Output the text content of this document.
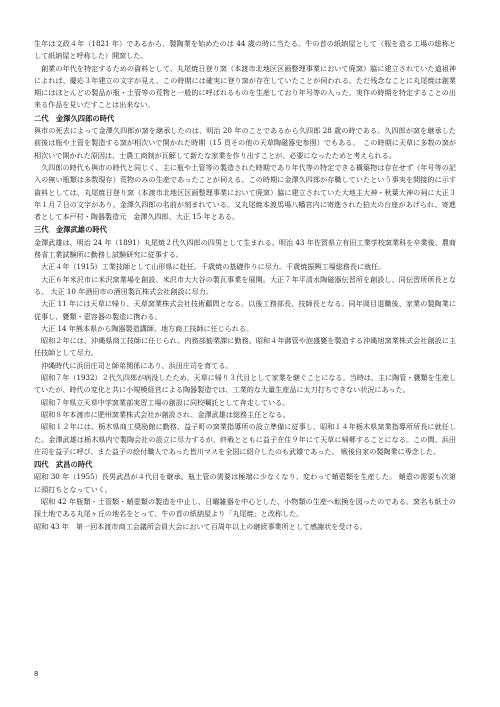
生年は文政４年（1821 年）であるから、製陶業を始めたのは 44 歳の時に当たる。牛の首の紙納屋として（瓶を造る工場の総称として紙納屋と呼称した）開窯した。

創業の年代を特定するための資料として、丸尾焼日登り窯（本渡市北地区区画整理事業において廃窯）脇に建立されていた道祖神によれば、慶応３年建立の文字が見え、この時期には確実に登り窯が存在していたことが伺われる。ただ残念なことに丸尾焼は創業期にはほとんどの製品が瓶・土管等の荒物と一般的に呼ばれるものを生産しており年号等の入った、実作の時期を特定することの出来る作品を見いだすことは出来ない。

二代　金澤久四郎の時代

與市の死去によって金澤久四郎が窯を継承したのは、明治 20 年のことであるから久四郎 28 歳の時である。久四郎が窯を継承した前後は瓶や土管を製造する窯が相次いで開かれた時期（15 頁その他の天草陶磁器史参照）でもある。　この時期に天草に多数の窯が相次いで開かれた原因は、士農工商制が瓦解して新たな家業を作り出すことが、必要になったためと考えられる。

久四郎の時代も與市の時代と同じく、主に瓶や土管等の製造された時期であり年代等の特定できる構築物は存在せず（年号等の記入の無い瓶類は多数現存）荒物のみの生産であったことが伺える。この時期に金澤久四郎が存職していたという事実を間接的に示す資料としては、丸尾焼日登り窯（本渡市北地区区画整理事業において廃窯）脇に建立されていた大地主大神・秋葉大神の祠に大正３年１月７日の文字があり、金澤久四郎の名前が刻まれている。又丸尾焼本渡馬場八幡宮内に寄進された狛犬の台座があげられ、寄進者として本戸村・陶器製造元　金澤久四郎、大正 15 年とある。

三代　金澤武雄の時代

金澤武雄は、明治 24 年（1891）丸尾焼２代久四郎の四男として生まれる。明治 43 年佐賀県立有田工業学校窯業科を卒業後、農商務省工業試験所に勤務し試験研究に従事する。

大正４年（1915）工業技師として山形県に赴任。千歳焼の基礎作りに尽力。千歳焼振興工場総務長に就任。

大正６年米沢市に米沢窯業場を創設、米沢市大大谷の製瓦事業を展開。大正７年平清水陶磁器伝習所を創設し、同伝習所所長となる。 大正 10 年酒田市の酒田製瓦株式会社創設に尽力。

大正 11 年には天草に帰り、天草窯業株式会社技術顧問となる。以後工務部長、技師長となる。同年岡目退職後、家業の製陶業に従事し、甕類・壺容器の製造に携わる。

大正 14 年熊本県から陶器製造講師、地方商工技師に任じられる。

昭和２年には、沖縄県商工技師に任じられ、内務部勧業課に勤務。昭和４年御管や泡盛甕を製造する沖縄旭窯業株式会社創設に主任技師として尽力。

沖縄時代に浜田庄司と師弟関係にあり、浜田庄司を育てる。

昭和７年（1932）２代久四郎が病没したため、天草に帰り３代目として家業を継ぐことになる。当時は、主に陶管・甕類を生産していたが、時代の変化と共に小規模経営による陶器製造では、工業的な大量生産品に太刀打ちできない状況にあった。

昭和７年県立天草中学窯業部実習工場の創設に同校嘱託として奔走している。

昭和８年本渡市に肥州窯業株式会社が創設され、金澤武雄は総務主任となる。

昭和１２年には、栃木県商工奨励館に勤務、益子町の窯業指導所の設立準備に従事し、昭和１４年栃木県窯業指導所所長に就任した。金澤武雄は栃木県内で製陶会社の設立に尽力するが、終戦とともに益子在住９年にて天草に帰郷することになる。この間、浜田庄司を益子に呼び、また益子の絵付職人であった皆川マスを全国に紹介したのも武雄であった。 戦後自家の製陶業に専念した。

四代　武昌の時代

昭和 30 年（1955）長男武昌が４代目を継承。瓶土管の需要は極端に少なくなり、変わって蛸壺類を生産した。 蛸壺の需要も次第に頭打ちとなっていく。

昭和 42 年瓶類・土管類・蛸壺類の製造を中止し、日曜雑器を中心とした、小物類の生産へ転換を図ったのである。窯名も紙土の採土地である丸尾ヶ丘の地名をとって、牛の首の紙納屋より「丸尾焼」と改称した。

昭和 43 年　第一回本渡市商工会議所会員大会において百周年以上の継続事業所として感謝状を受ける。

8
